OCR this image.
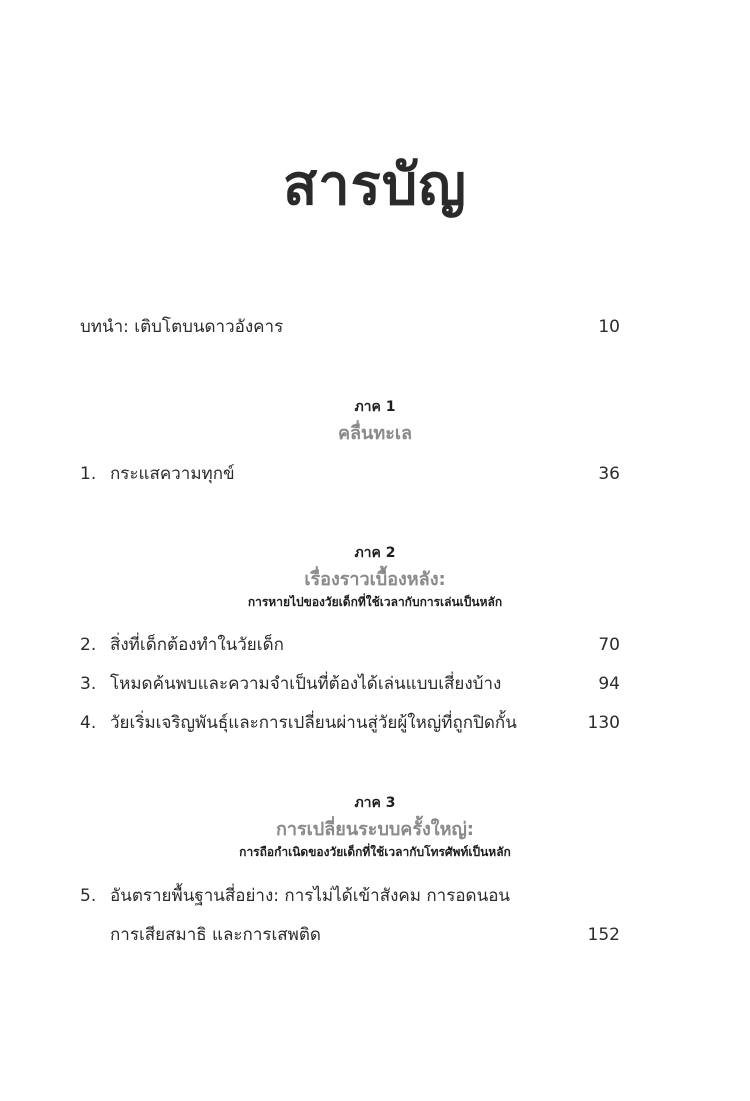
สารบัญ
บทนำ: เติบโตบนดาวอังคาร	10
ภาค 1
คลื่นทะเล
1. กระแสความทุกข์	36
ภาค 2
เรื่องราวเบื้องหลัง:
การหายไปของวัยเด็กที่ใช้เวลากับการเล่นเป็นหลัก
2. สิ่งที่เด็กต้องทำในวัยเด็ก	70
3. โหมดค้นพบและความจำเป็นที่ต้องได้เล่นแบบเสี่ยงบ้าง	94
4. วัยเริ่มเจริญพันธุ์และการเปลี่ยนผ่านสู่วัยผู้ใหญ่ที่ถูกปิดกั้น	130
ภาค 3
การเปลี่ยนระบบครั้งใหญ่:
การถือกำเนิดของวัยเด็กที่ใช้เวลากับโทรศัพท์เป็นหลัก
5. อันตรายพื้นฐานสี่อย่าง: การไม่ได้เข้าสังคม การอดนอน
การเสียสมาธิ และการเสพติด	152
